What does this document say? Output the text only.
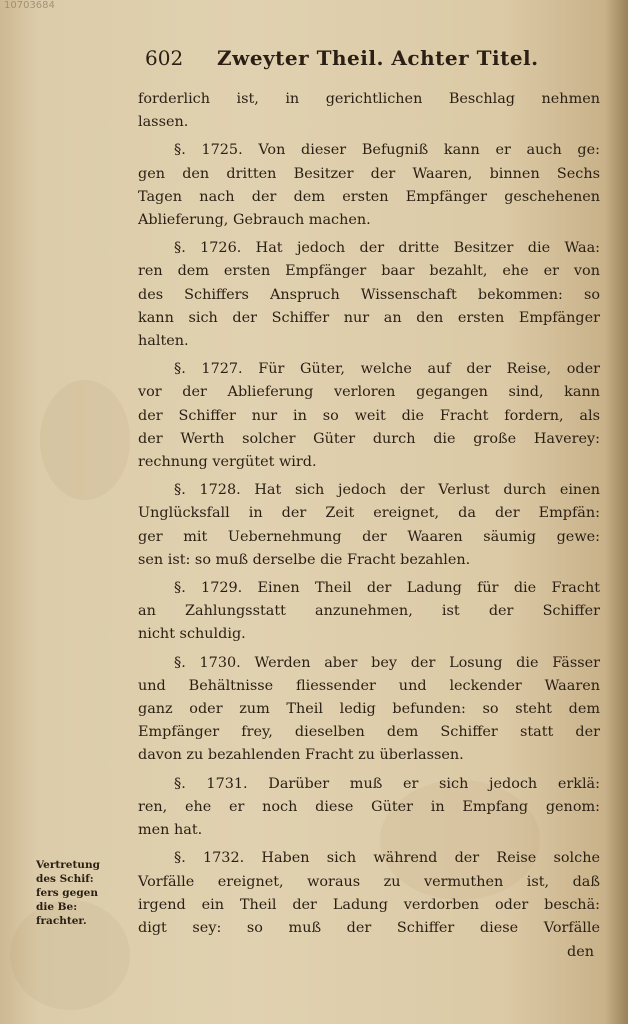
10703684
602 Zweyter Theil. Achter Titel.
forderlich ist, in gerichtlichen Beschlag nehmen
lassen.
§. 1725. Von dieser Befugniß kann er auch ge:
gen den dritten Besitzer der Waaren, binnen Sechs
Tagen nach der dem ersten Empfänger geschehenen
Ablieferung, Gebrauch machen.
§. 1726. Hat jedoch der dritte Besitzer die Waa:
ren dem ersten Empfänger baar bezahlt, ehe er von
des Schiffers Anspruch Wissenschaft bekommen: so
kann sich der Schiffer nur an den ersten Empfänger
halten.
§. 1727. Für Güter, welche auf der Reise, oder
vor der Ablieferung verloren gegangen sind, kann
der Schiffer nur in so weit die Fracht fordern, als
der Werth solcher Güter durch die große Haverey:
rechnung vergütet wird.
§. 1728. Hat sich jedoch der Verlust durch einen
Unglücksfall in der Zeit ereignet, da der Empfän:
ger mit Uebernehmung der Waaren säumig gewe:
sen ist: so muß derselbe die Fracht bezahlen.
§. 1729. Einen Theil der Ladung für die Fracht
an Zahlungsstatt anzunehmen, ist der Schiffer
nicht schuldig.
§. 1730. Werden aber bey der Losung die Fässer
und Behältnisse fliessender und leckender Waaren
ganz oder zum Theil ledig befunden: so steht dem
Empfänger frey, dieselben dem Schiffer statt der
davon zu bezahlenden Fracht zu überlassen.
§. 1731. Darüber muß er sich jedoch erklä:
ren, ehe er noch diese Güter in Empfang genom:
men hat.
§. 1732. Haben sich während der Reise solche
Vorfälle ereignet, woraus zu vermuthen ist, daß
irgend ein Theil der Ladung verdorben oder beschä:
digt sey: so muß der Schiffer diese Vorfälle
Vertretung
des Schif:
fers gegen
die Be:
frachter.
den
